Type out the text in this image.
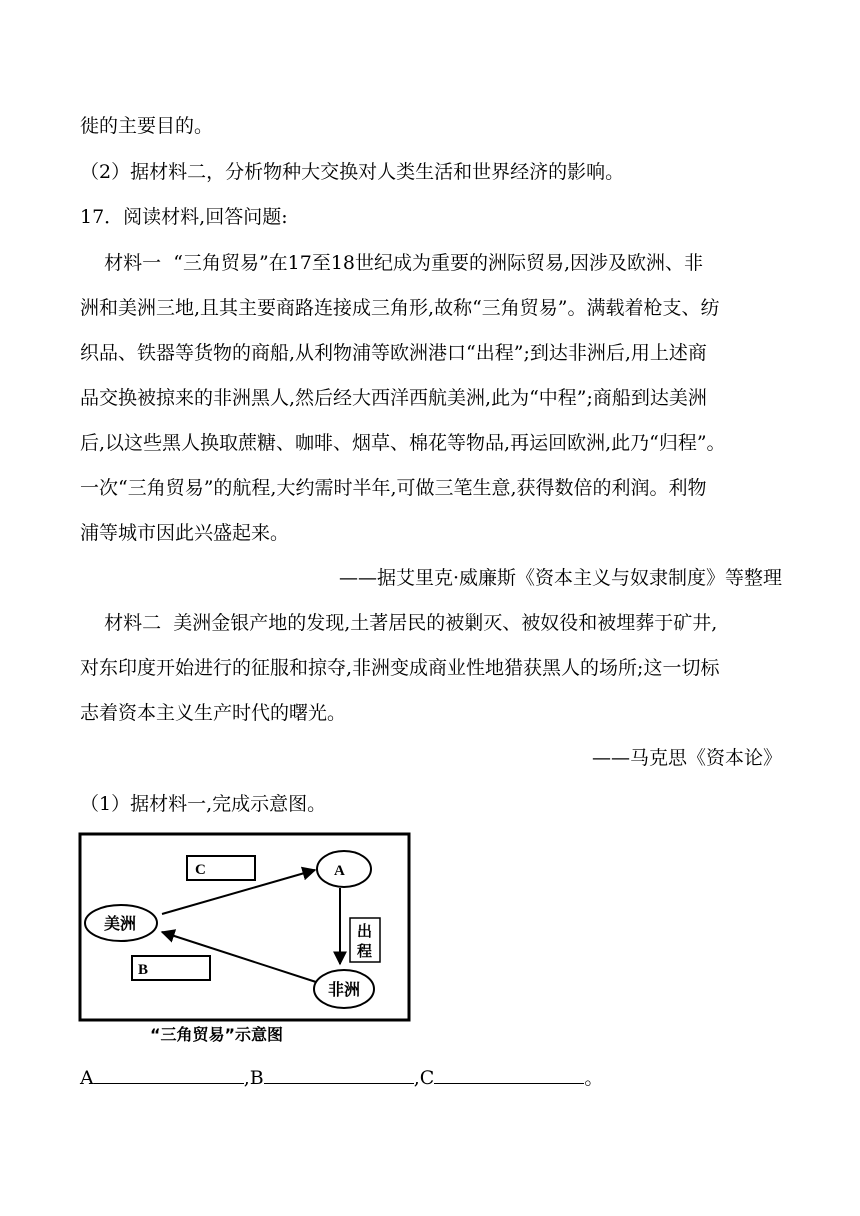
徙的主要目的。
（2）据材料二，分析物种大交换对人类生活和世界经济的影响。
17．阅读材料,回答问题:
材料一  “三角贸易”在17至18世纪成为重要的洲际贸易,因涉及欧洲、非
洲和美洲三地,且其主要商路连接成三角形,故称“三角贸易”。满载着枪支、纺
织品、铁器等货物的商船,从利物浦等欧洲港口“出程”;到达非洲后,用上述商
品交换被掠来的非洲黑人,然后经大西洋西航美洲,此为“中程”;商船到达美洲
后,以这些黑人换取蔗糖、咖啡、烟草、棉花等物品,再运回欧洲,此乃“归程”。
一次“三角贸易”的航程,大约需时半年,可做三笔生意,获得数倍的利润。利物
浦等城市因此兴盛起来。
——据艾里克·威廉斯《资本主义与奴隶制度》等整理
材料二  美洲金银产地的发现,土著居民的被剿灭、被奴役和被埋葬于矿井,
对东印度开始进行的征服和掠夺,非洲变成商业性地猎获黑人的场所;这一切标
志着资本主义生产时代的曙光。
——马克思《资本论》
（1）据材料一,完成示意图。
A
美洲
非洲
C
B
出
程
“三角贸易”示意图
A	,B	,C	。
